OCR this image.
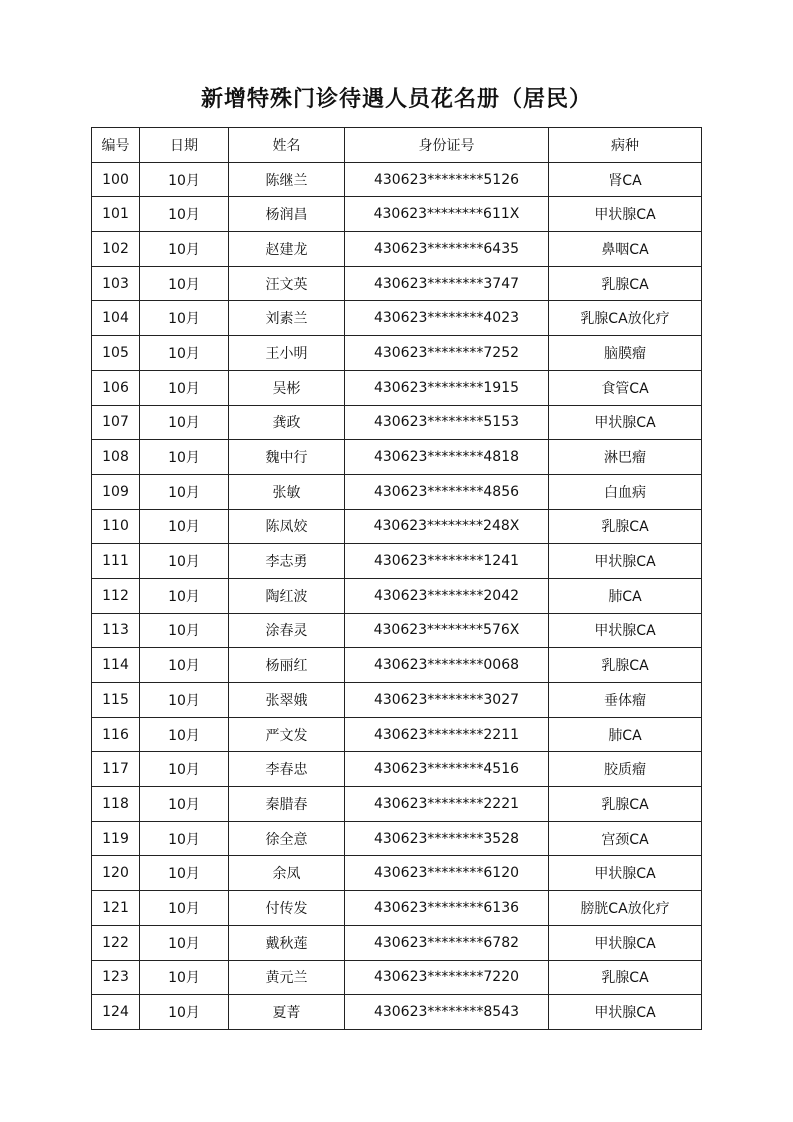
新增特殊门诊待遇人员花名册（居民）
编号	日期	姓名	身份证号	病种
100	10月	陈继兰	430623********5126	肾CA
101	10月	杨润昌	430623********611X	甲状腺CA
102	10月	赵建龙	430623********6435	鼻咽CA
103	10月	汪文英	430623********3747	乳腺CA
104	10月	刘素兰	430623********4023	乳腺CA放化疗
105	10月	王小明	430623********7252	脑膜瘤
106	10月	吴彬	430623********1915	食管CA
107	10月	龚政	430623********5153	甲状腺CA
108	10月	魏中行	430623********4818	淋巴瘤
109	10月	张敏	430623********4856	白血病
110	10月	陈凤姣	430623********248X	乳腺CA
111	10月	李志勇	430623********1241	甲状腺CA
112	10月	陶红波	430623********2042	肺CA
113	10月	涂春灵	430623********576X	甲状腺CA
114	10月	杨丽红	430623********0068	乳腺CA
115	10月	张翠娥	430623********3027	垂体瘤
116	10月	严文发	430623********2211	肺CA
117	10月	李春忠	430623********4516	胶质瘤
118	10月	秦腊春	430623********2221	乳腺CA
119	10月	徐全意	430623********3528	宫颈CA
120	10月	余凤	430623********6120	甲状腺CA
121	10月	付传发	430623********6136	膀胱CA放化疗
122	10月	戴秋莲	430623********6782	甲状腺CA
123	10月	黄元兰	430623********7220	乳腺CA
124	10月	夏菁	430623********8543	甲状腺CA
